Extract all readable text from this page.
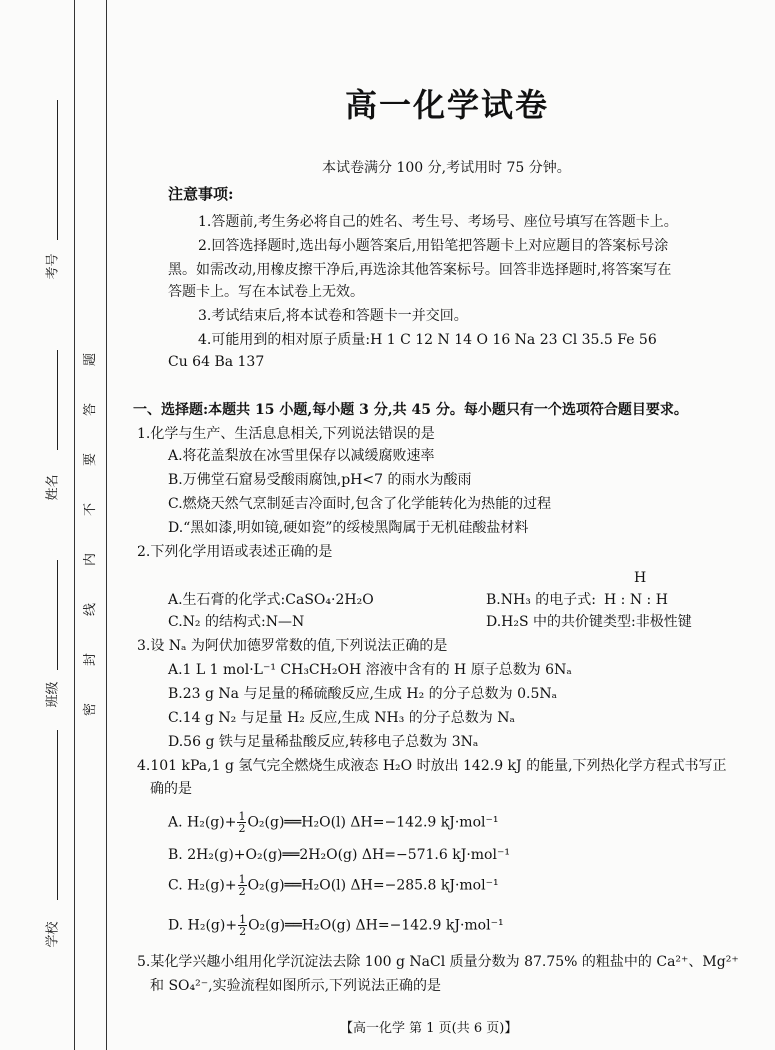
考号
姓名
班级
学校
题
答
要
不
内
线
封
密
高一化学试卷
本试卷满分 100 分,考试用时 75 分钟。
注意事项:
1.答题前,考生务必将自己的姓名、考生号、考场号、座位号填写在答题卡上。
2.回答选择题时,选出每小题答案后,用铅笔把答题卡上对应题目的答案标号涂
黑。如需改动,用橡皮擦干净后,再选涂其他答案标号。回答非选择题时,将答案写在
答题卡上。写在本试卷上无效。
3.考试结束后,将本试卷和答题卡一并交回。
4.可能用到的相对原子质量:H 1 C 12 N 14 O 16 Na 23 Cl 35.5 Fe 56
Cu 64 Ba 137
一、选择题:本题共 15 小题,每小题 3 分,共 45 分。每小题只有一个选项符合题目要求。
1.化学与生产、生活息息相关,下列说法错误的是
A.将花盖梨放在冰雪里保存以减缓腐败速率
B.万佛堂石窟易受酸雨腐蚀,pH<7 的雨水为酸雨
C.燃烧天然气烹制延吉冷面时,包含了化学能转化为热能的过程
D.“黑如漆,明如镜,硬如瓷”的绥棱黑陶属于无机硅酸盐材料
2.下列化学用语或表述正确的是
A.生石膏的化学式:CaSO₄·2H₂O	B.NH₃ 的电子式:
H
H : N : H
C.N₂ 的结构式:N—N	D.H₂S 中的共价键类型:非极性键
3.设 Nₐ 为阿伏加德罗常数的值,下列说法正确的是
A.1 L 1 mol·L⁻¹ CH₃CH₂OH 溶液中含有的 H 原子总数为 6Nₐ
B.23 g Na 与足量的稀硫酸反应,生成 H₂ 的分子总数为 0.5Nₐ
C.14 g N₂ 与足量 H₂ 反应,生成 NH₃ 的分子总数为 Nₐ
D.56 g 铁与足量稀盐酸反应,转移电子总数为 3Nₐ
4.101 kPa,1 g 氢气完全燃烧生成液态 H₂O 时放出 142.9 kJ 的能量,下列热化学方程式书写正
确的是
A. $H_2(g)+ \frac{1}{2}$ O₂(g)══H₂O(l) ΔH=−142.9 kJ·mol⁻¹
B. 2H₂(g)+O₂(g)══2H₂O(g) ΔH=−571.6 kJ·mol⁻¹
C. $H_2(g)+ \frac{1}{2}$ O₂(g)══H₂O(l) ΔH=−285.8 kJ·mol⁻¹
D. $H_2(g)+ \frac{1}{2}$ O₂(g)══H₂O(g) ΔH=−142.9 kJ·mol⁻¹
5.某化学兴趣小组用化学沉淀法去除 100 g NaCl 质量分数为 87.75% 的粗盐中的 Ca²⁺、Mg²⁺
和 SO₄²⁻,实验流程如图所示,下列说法正确的是
【高一化学 第 1 页(共 6 页)】
